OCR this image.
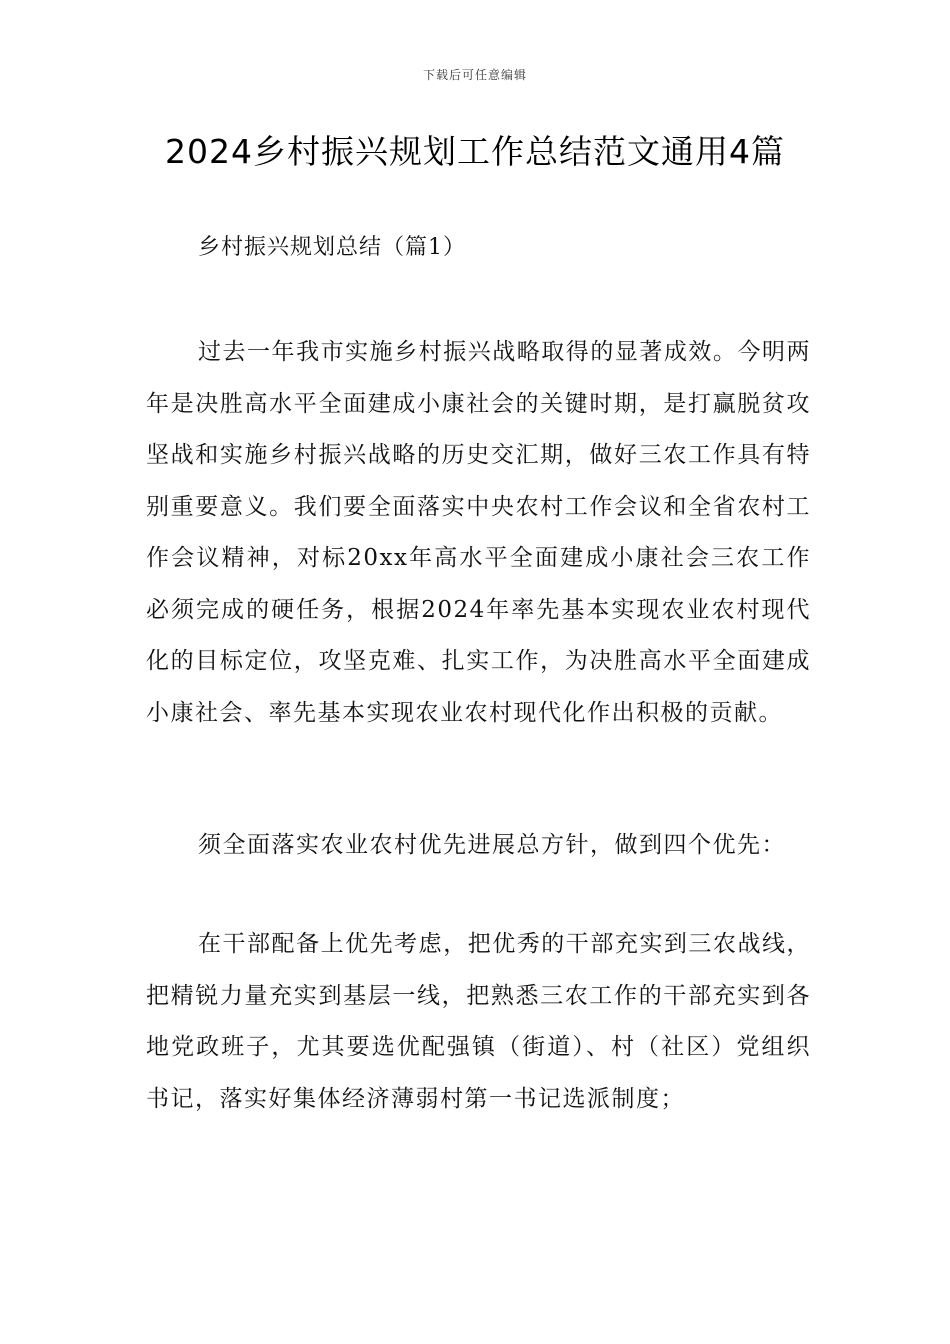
下载后可任意编辑
2024乡村振兴规划工作总结范文通用4篇

乡村振兴规划总结（篇1）

过去一年我市实施乡村振兴战略取得的显著成效。今明两年是决胜高水平全面建成小康社会的关键时期，是打赢脱贫攻坚战和实施乡村振兴战略的历史交汇期，做好三农工作具有特别重要意义。我们要全面落实中央农村工作会议和全省农村工作会议精神，对标20xx年高水平全面建成小康社会三农工作必须完成的硬任务，根据2024年率先基本实现农业农村现代化的目标定位，攻坚克难、扎实工作，为决胜高水平全面建成小康社会、率先基本实现农业农村现代化作出积极的贡献。

须全面落实农业农村优先进展总方针，做到四个优先：

在干部配备上优先考虑，把优秀的干部充实到三农战线，把精锐力量充实到基层一线，把熟悉三农工作的干部充实到各地党政班子，尤其要选优配强镇（街道）、村（社区）党组织书记，落实好集体经济薄弱村第一书记选派制度；
